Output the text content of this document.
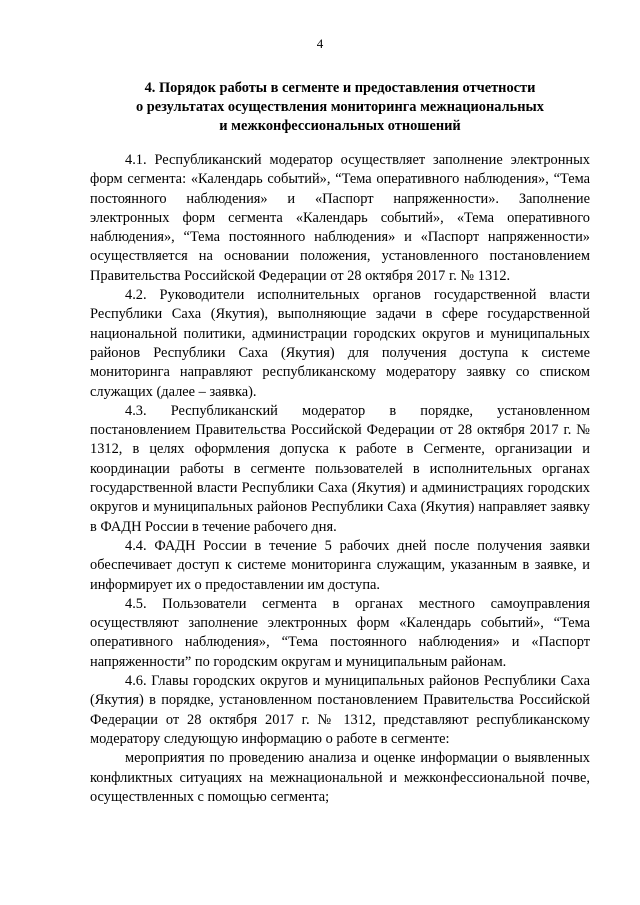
4
4. Порядок работы в сегменте и предоставления отчетности
о результатах осуществления мониторинга межнациональных
и межконфессиональных отношений

4.1. Республиканский модератор осуществляет заполнение электронных форм сегмента: «Календарь событий», “Тема оперативного наблюдения», “Тема постоянного наблюдения» и «Паспорт напряженности». Заполнение электронных форм сегмента «Календарь событий», «Тема оперативного наблюдения», “Тема постоянного наблюдения» и «Паспорт напряженности» осуществляется на основании положения, установленного постановлением Правительства Российской Федерации от 28 октября 2017 г. № 1312.

4.2. Руководители исполнительных органов государственной власти Республики Саха (Якутия), выполняющие задачи в сфере государственной национальной политики, администрации городских округов и муниципальных районов Республики Саха (Якутия) для получения доступа к системе мониторинга направляют республиканскому модератору заявку со списком служащих (далее – заявка).

4.3. Республиканский модератор в порядке, установленном постановлением Правительства Российской Федерации от 28 октября 2017 г. № 1312, в целях оформления допуска к работе в Сегменте, организации и координации работы в сегменте пользователей в исполнительных органах государственной власти Республики Саха (Якутия) и администрациях городских округов и муниципальных районов Республики Саха (Якутия) направляет заявку в ФАДН России в течение рабочего дня.

4.4. ФАДН России в течение 5 рабочих дней после получения заявки обеспечивает доступ к системе мониторинга служащим, указанным в заявке, и информирует их о предоставлении им доступа.

4.5. Пользователи сегмента в органах местного самоуправления осуществляют заполнение электронных форм «Календарь событий», “Тема оперативного наблюдения», “Тема постоянного наблюдения» и «Паспорт напряженности” по городским округам и муниципальным районам.

4.6. Главы городских округов и муниципальных районов Республики Саха (Якутия) в порядке, установленном постановлением Правительства Российской Федерации от 28 октября 2017 г. № 1312, представляют республиканскому модератору следующую информацию о работе в сегменте:

мероприятия по проведению анализа и оценке информации о выявленных конфликтных ситуациях на межнациональной и межконфессиональной почве, осуществленных с помощью сегмента;
